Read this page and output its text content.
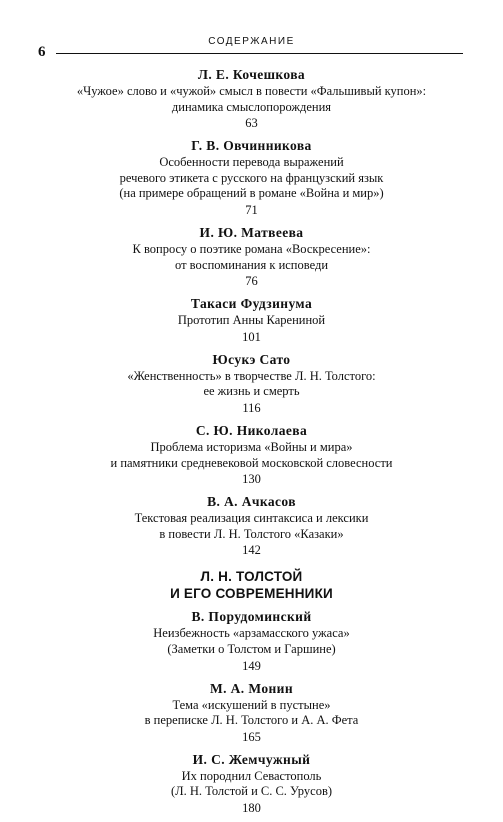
6
СОДЕРЖАНИЕ
Л. Е. Кочешкова
«Чужое» слово и «чужой» смысл в повести «Фальшивый купон»:
динамика смыслопорождения
63
Г. В. Овчинникова
Особенности перевода выражений
речевого этикета с русского на французский язык
(на примере обращений в романе «Война и мир»)
71
И. Ю. Матвеева
К вопросу о поэтике романа «Воскресение»:
от воспоминания к исповеди
76
Такаси Фудзинума
Прототип Анны Карениной
101
Юсукэ Сато
«Женственность» в творчестве Л. Н. Толстого:
ее жизнь и смерть
116
С. Ю. Николаева
Проблема историзма «Войны и мира»
и памятники средневековой московской словесности
130
В. А. Ачкасов
Текстовая реализация синтаксиса и лексики
в повести Л. Н. Толстого «Казаки»
142
Л. Н. ТОЛСТОЙ
И ЕГО СОВРЕМЕННИКИ
В. Порудоминский
Неизбежность «арзамасского ужаса»
(Заметки о Толстом и Гаршине)
149
М. А. Монин
Тема «искушений в пустыне»
в переписке Л. Н. Толстого и А. А. Фета
165
И. С. Жемчужный
Их породнил Севастополь
(Л. Н. Толстой и С. С. Урусов)
180
